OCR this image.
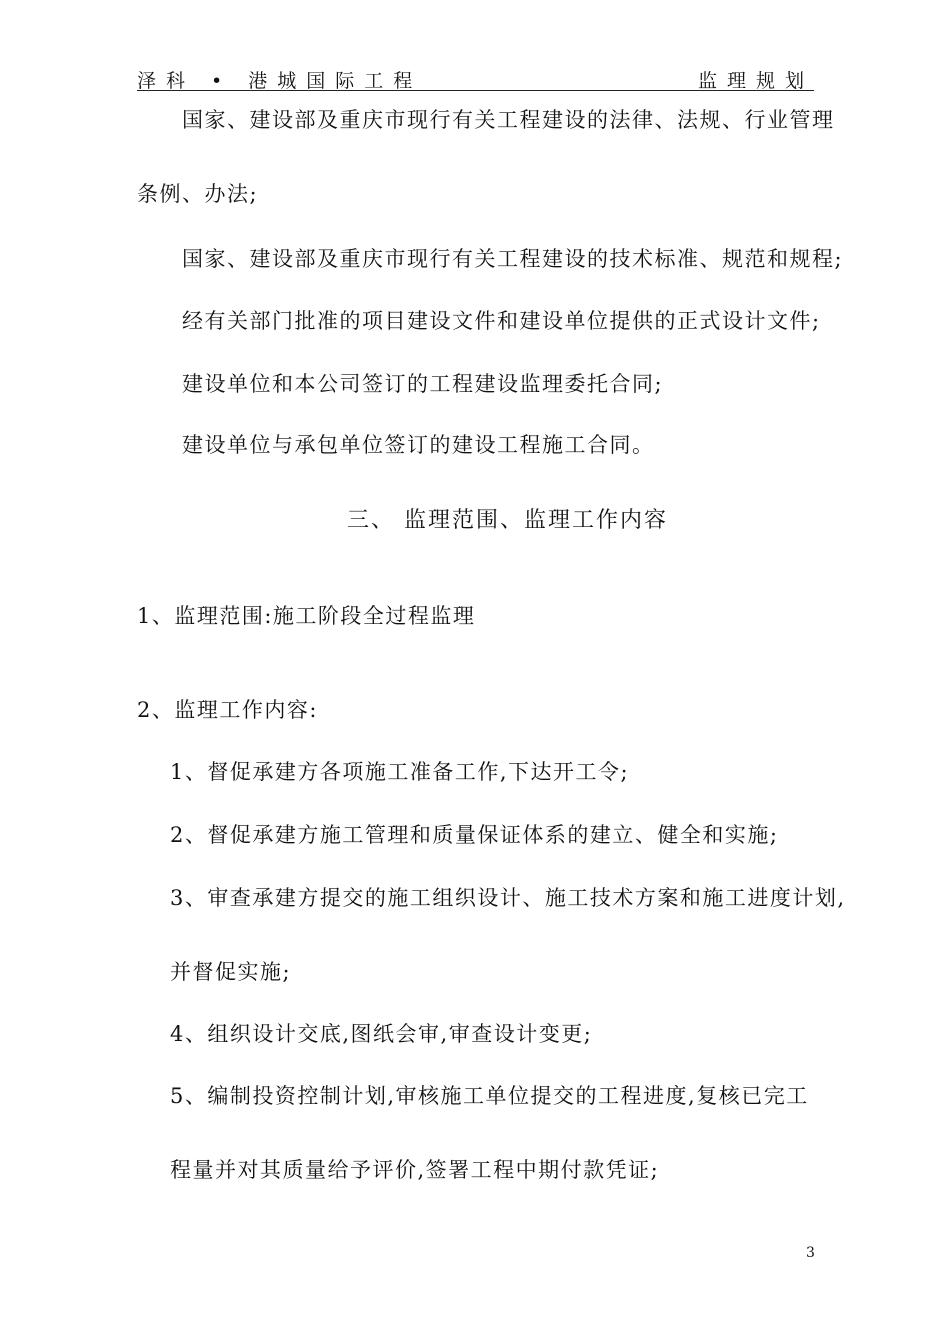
泽科 • 港城国际工程	监理规划
国家、建设部及重庆市现行有关工程建设的法律、法规、行业管理
条例、办法;
国家、建设部及重庆市现行有关工程建设的技术标准、规范和规程;
经有关部门批准的项目建设文件和建设单位提供的正式设计文件;
建设单位和本公司签订的工程建设监理委托合同;
建设单位与承包单位签订的建设工程施工合同。
三、 监理范围、监理工作内容
1、监理范围:施工阶段全过程监理
2、监理工作内容:
1、督促承建方各项施工准备工作,下达开工令;
2、督促承建方施工管理和质量保证体系的建立、健全和实施;
3、审查承建方提交的施工组织设计、施工技术方案和施工进度计划,
并督促实施;
4、组织设计交底,图纸会审,审查设计变更;
5、编制投资控制计划,审核施工单位提交的工程进度,复核已完工
程量并对其质量给予评价,签署工程中期付款凭证;
3
